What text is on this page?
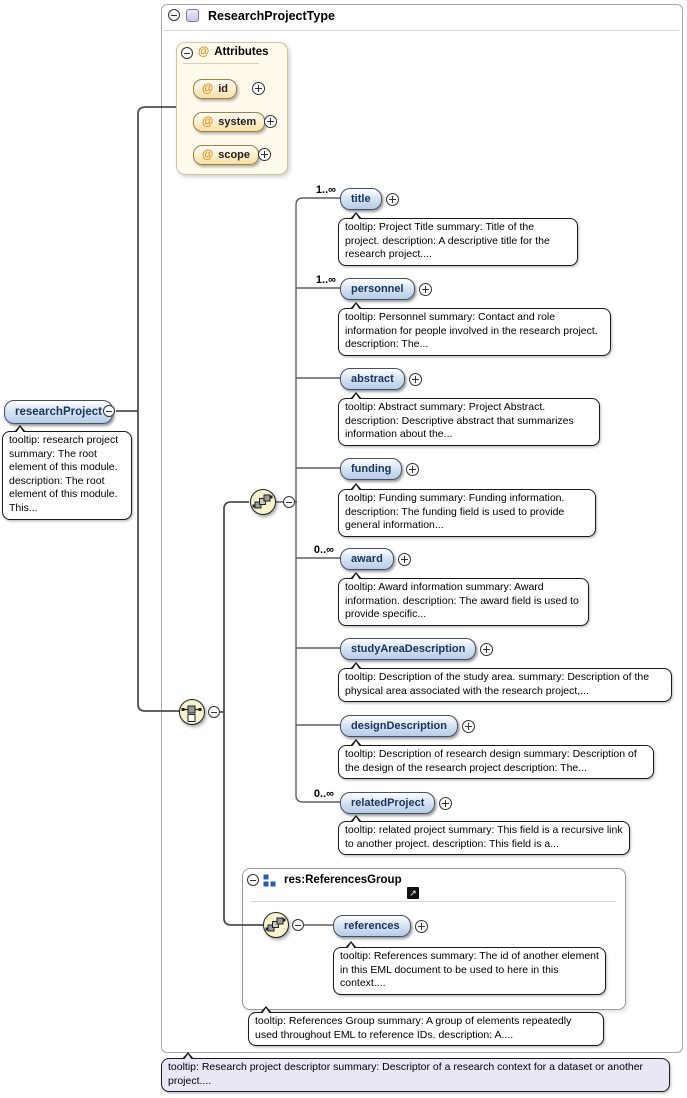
ResearchProjectType
@ Attributes
@ id
@ system
@ scope
res:ReferencesGroup
↗
researchProject
tooltip: research project summary: The root element of this module. description: The root element of this module. This...
1..∞
title
tooltip: Project Title summary: Title of the project. description: A descriptive title for the research project....
1..∞
personnel
tooltip: Personnel summary: Contact and role information for people involved in the research project. description: The...
abstract
tooltip: Abstract summary: Project Abstract. description: Descriptive abstract that summarizes information about the...
funding
tooltip: Funding summary: Funding information. description: The funding field is used to provide general information...
0..∞
award
tooltip: Award information summary: Award information. description: The award field is used to provide specific...
studyAreaDescription
tooltip: Description of the study area. summary: Description of the physical area associated with the research project,...
designDescription
tooltip: Description of research design summary: Description of the design of the research project description: The...
0..∞
relatedProject
tooltip: related project summary: This field is a recursive link to another project. description: This field is a...
references
tooltip: References summary: The id of another element in this EML document to be used to here in this context....
tooltip: References Group summary: A group of elements repeatedly used throughout EML to reference IDs. description: A....
tooltip: Research project descriptor summary: Descriptor of a research context for a dataset or another project....
